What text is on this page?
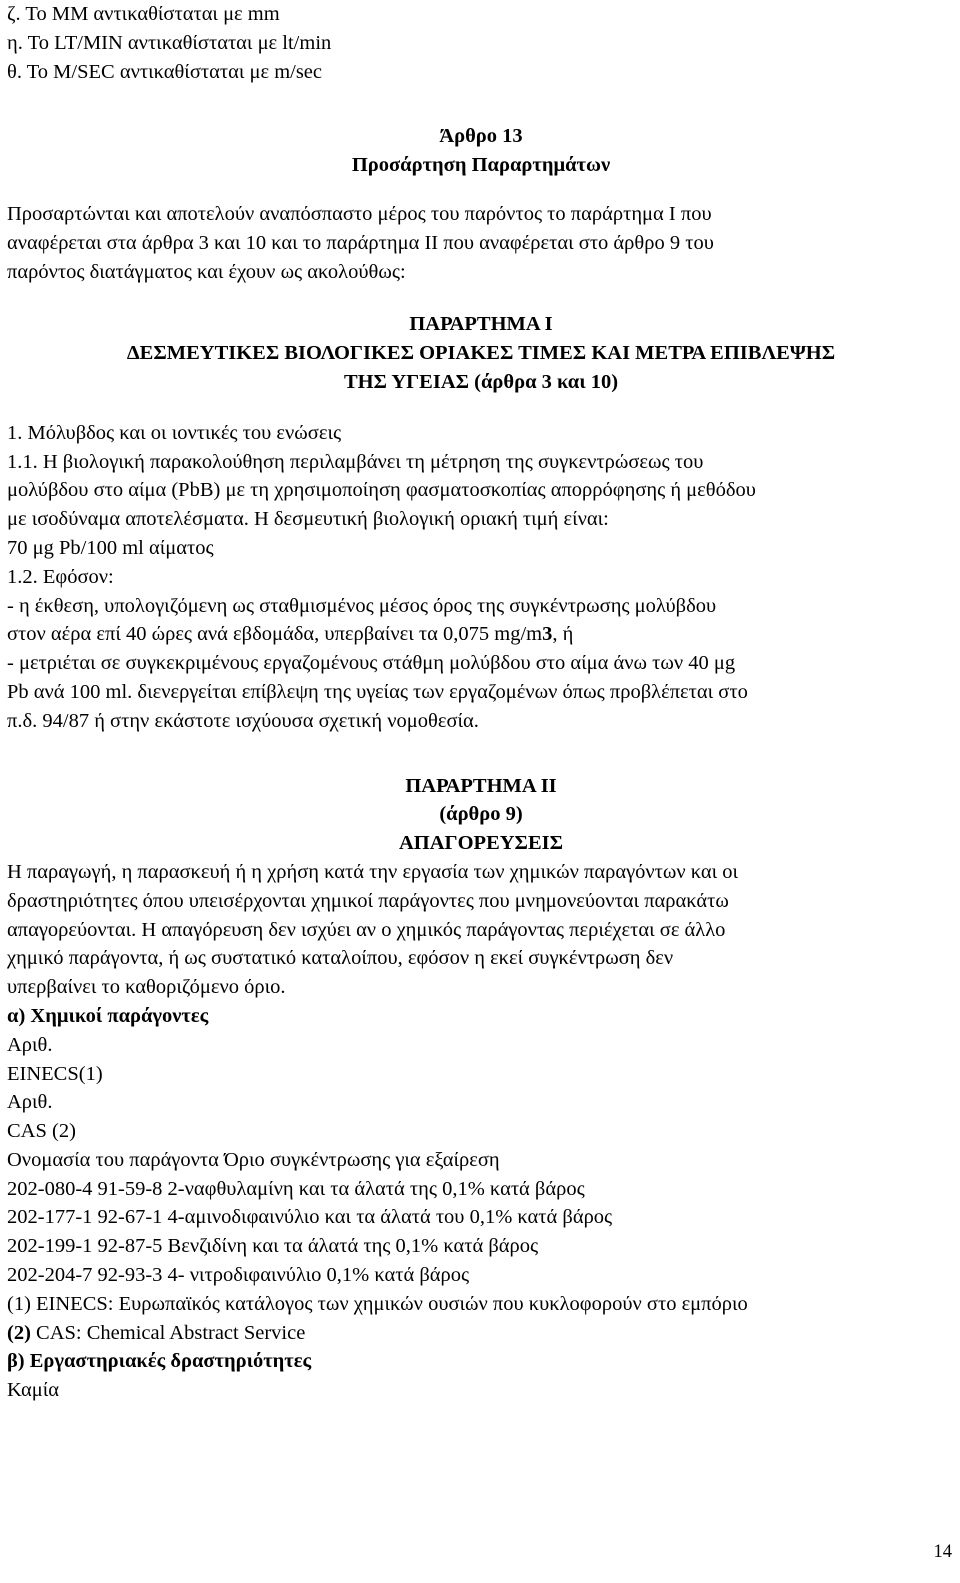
ζ. Το ΜΜ αντικαθίσταται με mm
η. Το LT/MIN αντικαθίσταται με lt/min
θ. Το M/SEC αντικαθίσταται με m/sec
Άρθρο 13
Προσάρτηση Παραρτημάτων
Προσαρτώνται και αποτελούν αναπόσπαστο μέρος του παρόντος το παράρτημα Ι που
αναφέρεται στα άρθρα 3 και 10 και το παράρτημα ΙΙ που αναφέρεται στο άρθρο 9 του
παρόντος διατάγματος και έχουν ως ακολούθως:
ΠΑΡΑΡΤΗΜΑ Ι
ΔΕΣΜΕΥΤΙΚΕΣ ΒΙΟΛΟΓΙΚΕΣ ΟΡΙΑΚΕΣ ΤΙΜΕΣ ΚΑΙ ΜΕΤΡΑ ΕΠΙΒΛΕΨΗΣ
ΤΗΣ ΥΓΕΙΑΣ (άρθρα 3 και 10)
1. Μόλυβδος και οι ιοντικές του ενώσεις
1.1. Η βιολογική παρακολούθηση περιλαμβάνει τη μέτρηση της συγκεντρώσεως του
μολύβδου στο αίμα (PbB) με τη χρησιμοποίηση φασματοσκοπίας απορρόφησης ή μεθόδου
με ισοδύναμα αποτελέσματα. Η δεσμευτική βιολογική οριακή τιμή είναι:
70 μg Pb/100 ml αίματος
1.2. Εφόσον:
- η έκθεση, υπολογιζόμενη ως σταθμισμένος μέσος όρος της συγκέντρωσης μολύβδου
στον αέρα επί 40 ώρες ανά εβδομάδα, υπερβαίνει τα 0,075 mg/m3, ή
- μετριέται σε συγκεκριμένους εργαζομένους στάθμη μολύβδου στο αίμα άνω των 40 μg
Pb ανά 100 ml. διενεργείται επίβλεψη της υγείας των εργαζομένων όπως προβλέπεται στο
π.δ. 94/87 ή στην εκάστοτε ισχύουσα σχετική νομοθεσία.
ΠΑΡΑΡΤΗΜΑ ΙΙ
(άρθρο 9)
ΑΠΑΓΟΡΕΥΣΕΙΣ
Η παραγωγή, η παρασκευή ή η χρήση κατά την εργασία των χημικών παραγόντων και οι
δραστηριότητες όπου υπεισέρχονται χημικοί παράγοντες που μνημονεύονται παρακάτω
απαγορεύονται. Η απαγόρευση δεν ισχύει αν ο χημικός παράγοντας περιέχεται σε άλλο
χημικό παράγοντα, ή ως συστατικό καταλοίπου, εφόσον η εκεί συγκέντρωση δεν
υπερβαίνει το καθοριζόμενο όριο.
α) Χημικοί παράγοντες
Αριθ.
EINECS(1)
Αριθ.
CAS (2)
Ονομασία του παράγοντα Όριο συγκέντρωσης για εξαίρεση
202-080-4 91-59-8 2-ναφθυλαμίνη και τα άλατά της 0,1% κατά βάρος
202-177-1 92-67-1 4-αμινοδιφαινύλιο και τα άλατά του 0,1% κατά βάρος
202-199-1 92-87-5 Βενζιδίνη και τα άλατά της 0,1% κατά βάρος
202-204-7 92-93-3 4- νιτροδιφαινύλιο 0,1% κατά βάρος
(1) EINECS: Ευρωπαϊκός κατάλογος των χημικών ουσιών που κυκλοφορούν στο εμπόριο
(2) CAS: Chemical Abstract Service
β) Εργαστηριακές δραστηριότητες
Καμία
14
